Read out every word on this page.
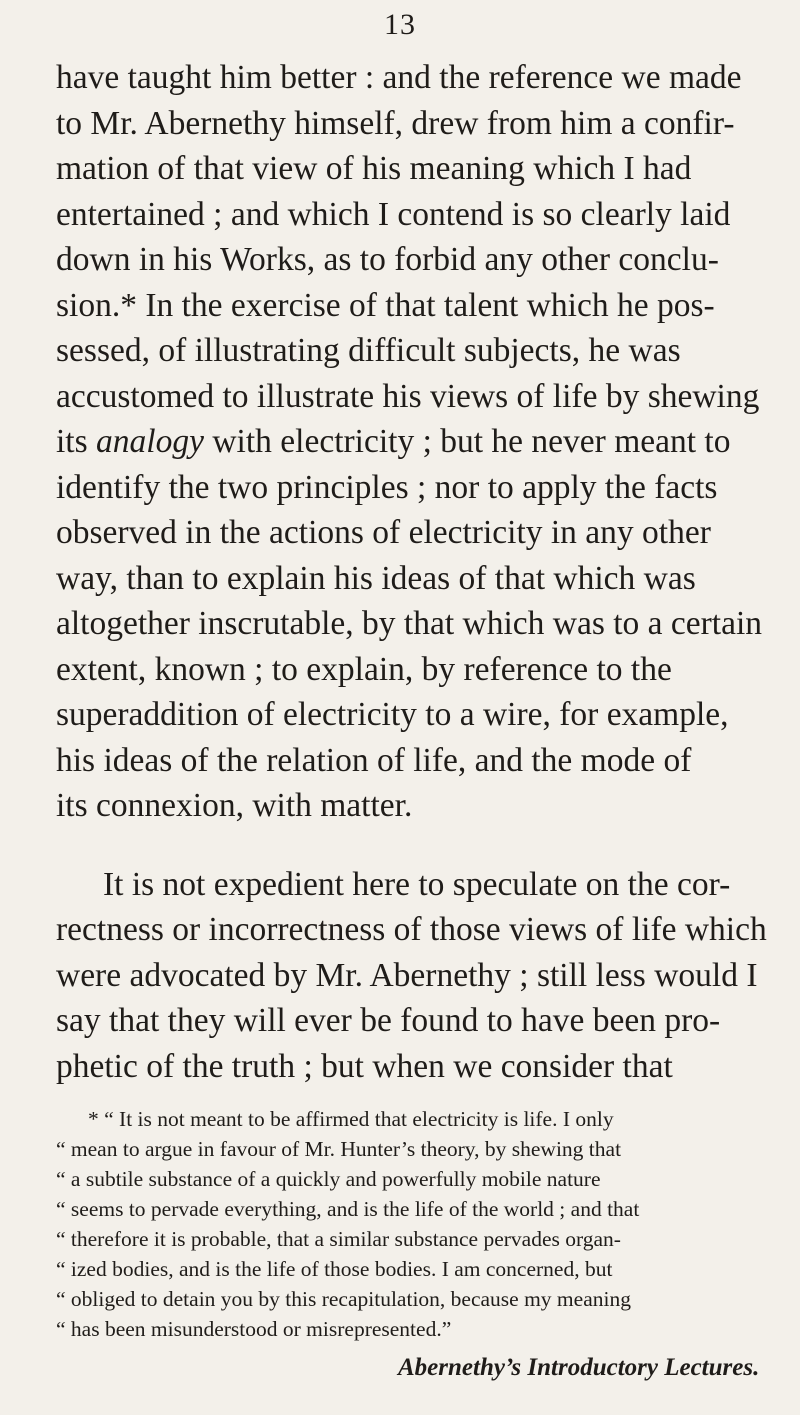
13
have taught him better : and the reference we made
to Mr. Abernethy himself, drew from him a confir-
mation of that view of his meaning which I had
entertained ; and which I contend is so clearly laid
down in his Works, as to forbid any other conclu-
sion.* In the exercise of that talent which he pos-
sessed, of illustrating difficult subjects, he was
accustomed to illustrate his views of life by shewing
its analogy with electricity ; but he never meant to
identify the two principles ; nor to apply the facts
observed in the actions of electricity in any other
way, than to explain his ideas of that which was
altogether inscrutable, by that which was to a certain
extent, known ; to explain, by reference to the
superaddition of electricity to a wire, for example,
his ideas of the relation of life, and the mode of
its connexion, with matter.
It is not expedient here to speculate on the cor-
rectness or incorrectness of those views of life which
were advocated by Mr. Abernethy ; still less would I
say that they will ever be found to have been pro-
phetic of the truth ; but when we consider that
* “ It is not meant to be affirmed that electricity is life. I only
“ mean to argue in favour of Mr. Hunter’s theory, by shewing that
“ a subtile substance of a quickly and powerfully mobile nature
“ seems to pervade everything, and is the life of the world ; and that
“ therefore it is probable, that a similar substance pervades organ-
“ ized bodies, and is the life of those bodies. I am concerned, but
“ obliged to detain you by this recapitulation, because my meaning
“ has been misunderstood or misrepresented.”
Abernethy’s Introductory Lectures.
